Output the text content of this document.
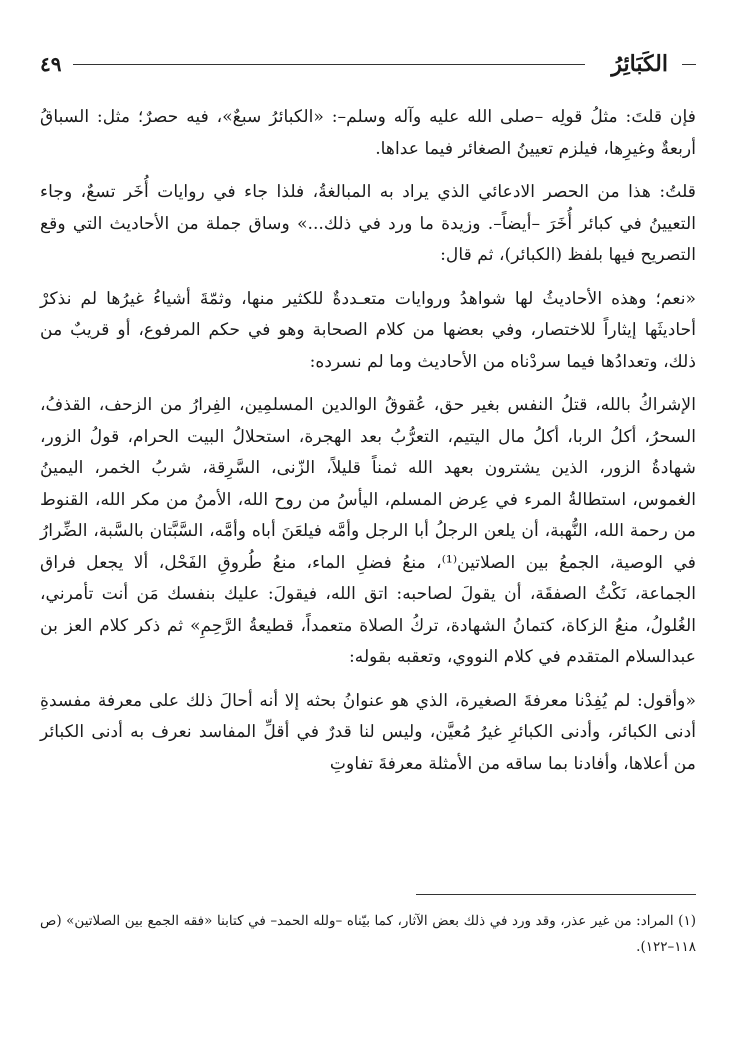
الكَبَائِرُ
٤٩

فإن قلتَ: مثلُ قولِه –صلى الله عليه وآله وسلم–: «الكبائرُ سبعٌ»، فيه حصرٌ؛ مثل: السباقُ أربعةٌ وغيرِها، فيلزم تعيينُ الصغائر فيما عداها.

قلتُ: هذا من الحصر الادعائي الذي يراد به المبالغةُ، فلذا جاء في روايات أُخَر تسعٌ، وجاء التعيينُ في كبائر أُخَرَ –أيضاً–. وزيدة ما ورد في ذلك...» وساق جملة من الأحاديث التي وقع التصريح فيها بلفظ (الكبائر)، ثم قال:

«نعم؛ وهذه الأحاديثُ لها شواهدُ وروايات متعـددةٌ للكثير منها، وثمّةَ أشياءُ غيرُها لم نذكرْ أحاديثَها إيثاراً للاختصار، وفي بعضها من كلام الصحابة وهو في حكم المرفوع، أو قريبٌ من ذلك، وتعدادُها فيما سردْناه من الأحاديث وما لم نسرده:

الإشراكُ بالله، قتلُ النفس بغير حق، عُقوقُ الوالدين المسلمِين، الفِرارُ من الزحف، القذفُ، السحرُ، أكلُ الربا، أكلُ مال اليتيم، التعرُّبُ بعد الهجرة، استحلالُ البيت الحرام، قولُ الزور، شهادةُ الزور، الذين يشترون بعهد الله ثمناً قليلاً، الزّنى، السَّرِقة، شربُ الخمر، اليمينُ الغموس، استطالةُ المرء في عِرض المسلم، اليأسُ من روح الله، الأمنُ من مكر الله، القنوط من رحمة الله، النُّهبة، أن يلعن الرجلُ أبا الرجل وأمَّه فيلعَنَ أباه وأمَّه، السَّبَّتان بالسَّبة، الضِّرارُ في الوصية، الجمعُ بين الصلاتين⁽¹⁾، منعُ فضلِ الماء، منعُ طُروقِ الفَحْل، ألا يجعل فراق الجماعة، نَكْثُ الصفقَة، أن يقولَ لصاحبه: اتق الله، فيقولَ: عليك بنفسك مَن أنت تأمرني، الغُلولُ، منعُ الزكاة، كتمانُ الشهادة، تركُ الصلاة متعمداً، قطيعةُ الرَّحِمِ» ثم ذكر كلام العز بن عبدالسلام المتقدم في كلام النووي، وتعقبه بقوله:

«وأقول: لم يُفِدْنا معرفةَ الصغيرة، الذي هو عنوانُ بحثه إلا أنه أحالَ ذلك على معرفة مفسدةِ أدنى الكبائر، وأدنى الكبائرِ غيرُ مُعيَّن، وليس لنا قدرٌ في أقلِّ المفاسد نعرف به أدنى الكبائر من أعلاها، وأفادنا بما ساقه من الأمثلة معرفةَ تفاوتِ

(١) المراد: من غير عذر، وقد ورد في ذلك بعض الآثار، كما بيّناه –ولله الحمد– في كتابنا «فقه الجمع بين الصلاتين» (ص ١١٨–١٢٢).
